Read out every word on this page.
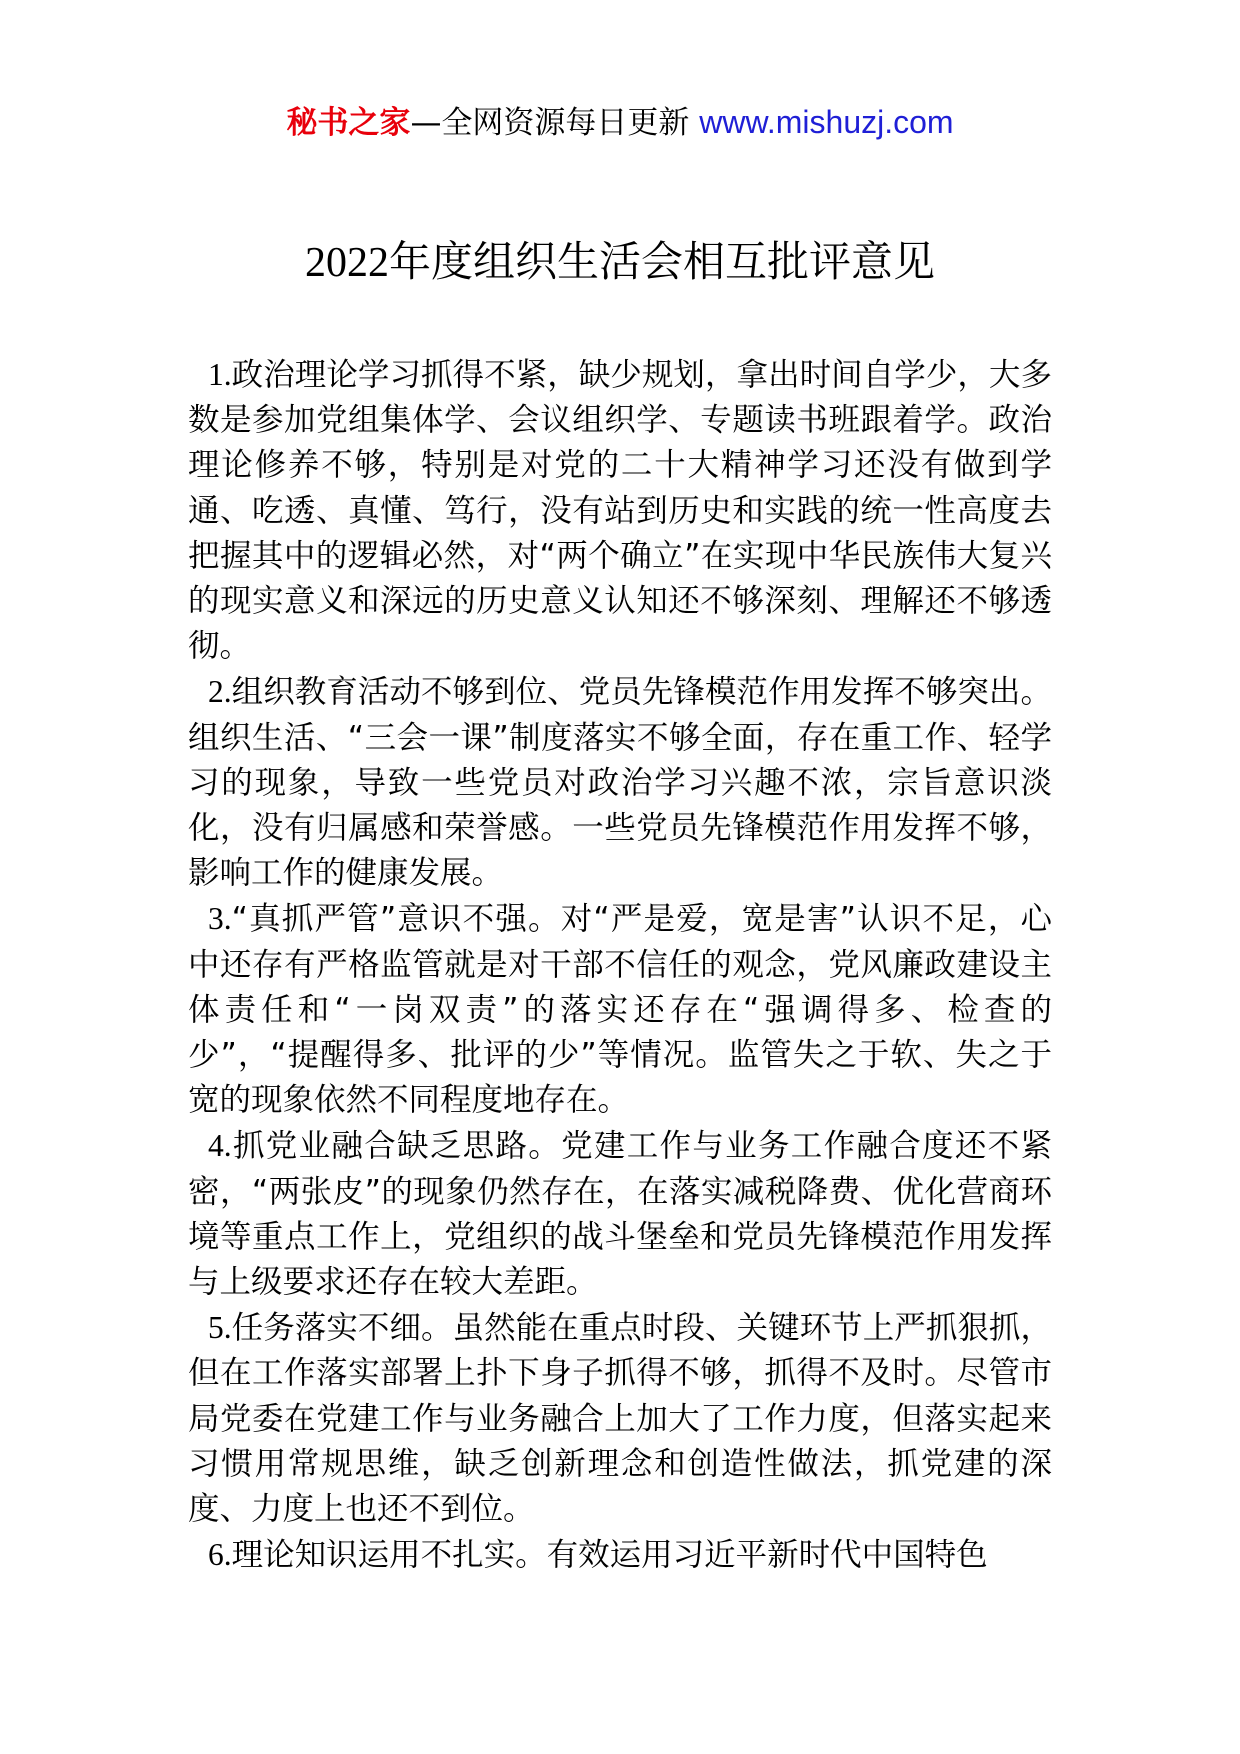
秘书之家—全网资源每日更新 www.mishuzj.com
2022年度组织生活会相互批评意见

1.政治理论学习抓得不紧，缺少规划，拿出时间自学少，大多数是参加党组集体学、会议组织学、专题读书班跟着学。政治理论修养不够，特别是对党的二十大精神学习还没有做到学通、吃透、真懂、笃行，没有站到历史和实践的统一性高度去把握其中的逻辑必然，对“两个确立”在实现中华民族伟大复兴的现实意义和深远的历史意义认知还不够深刻、理解还不够透彻。

2.组织教育活动不够到位、党员先锋模范作用发挥不够突出。组织生活、“三会一课”制度落实不够全面，存在重工作、轻学习的现象，导致一些党员对政治学习兴趣不浓，宗旨意识淡化，没有归属感和荣誉感。一些党员先锋模范作用发挥不够，影响工作的健康发展。

3.“真抓严管”意识不强。对“严是爱，宽是害”认识不足，心中还存有严格监管就是对干部不信任的观念，党风廉政建设主体责任和“一岗双责”的落实还存在“强调得多、检查的少”，“提醒得多、批评的少”等情况。监管失之于软、失之于宽的现象依然不同程度地存在。

4.抓党业融合缺乏思路。党建工作与业务工作融合度还不紧密，“两张皮”的现象仍然存在，在落实减税降费、优化营商环境等重点工作上，党组织的战斗堡垒和党员先锋模范作用发挥与上级要求还存在较大差距。

5.任务落实不细。虽然能在重点时段、关键环节上严抓狠抓，但在工作落实部署上扑下身子抓得不够，抓得不及时。尽管市局党委在党建工作与业务融合上加大了工作力度，但落实起来习惯用常规思维，缺乏创新理念和创造性做法，抓党建的深度、力度上也还不到位。

6.理论知识运用不扎实。有效运用习近平新时代中国特色
